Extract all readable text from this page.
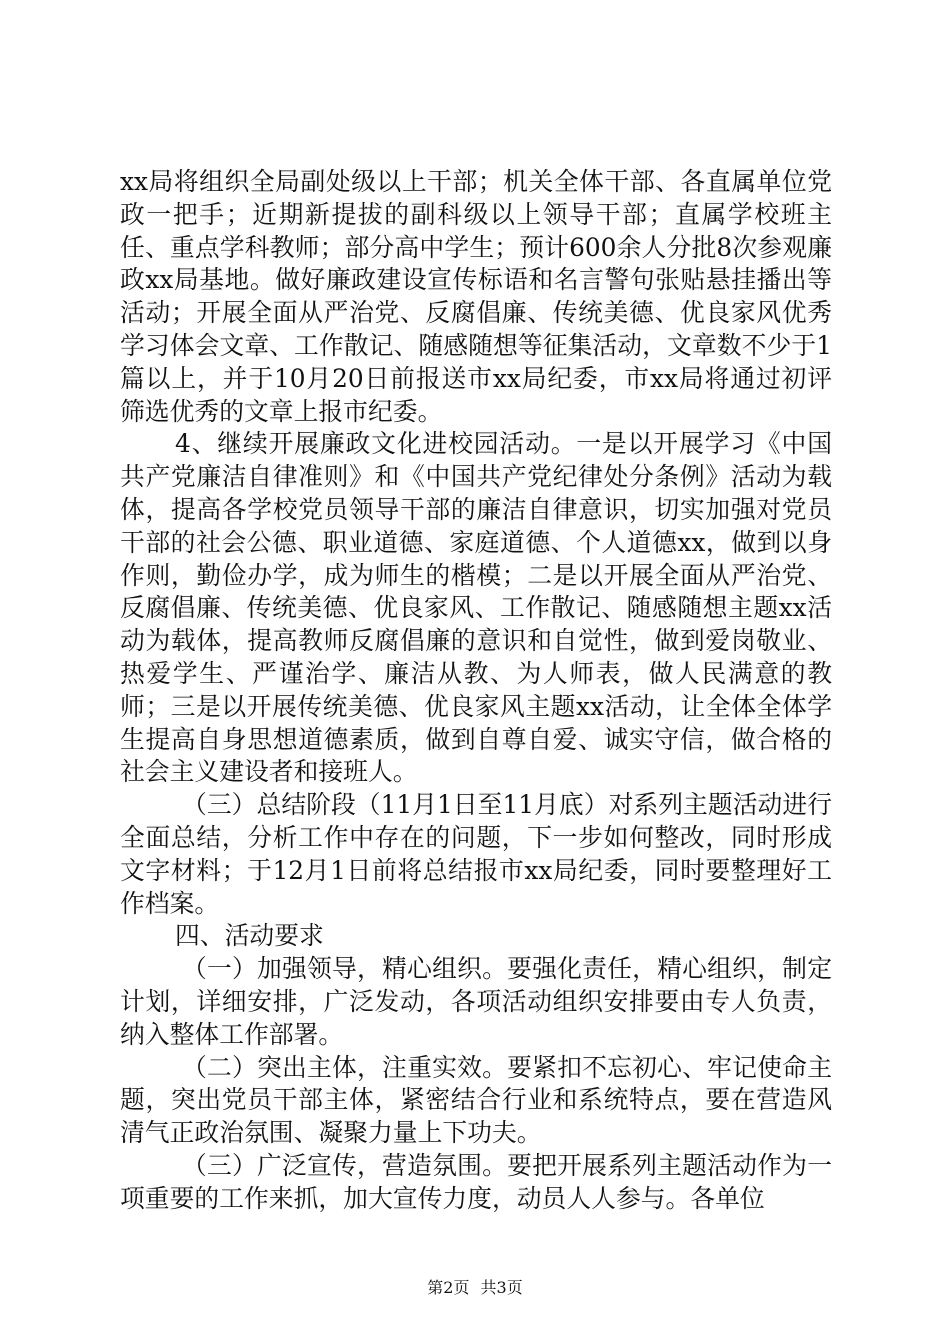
xx局将组织全局副处级以上干部；机关全体干部、各直属单位党政一把手；近期新提拔的副科级以上领导干部；直属学校班主任、重点学科教师；部分高中学生；预计600余人分批8次参观廉政xx局基地。做好廉政建设宣传标语和名言警句张贴悬挂播出等活动；开展全面从严治党、反腐倡廉、传统美德、优良家风优秀学习体会文章、工作散记、随感随想等征集活动，文章数不少于1篇以上，并于10月20日前报送市xx局纪委，市xx局将通过初评筛选优秀的文章上报市纪委。

4、继续开展廉政文化进校园活动。一是以开展学习《中国共产党廉洁自律准则》和《中国共产党纪律处分条例》活动为载体，提高各学校党员领导干部的廉洁自律意识，切实加强对党员干部的社会公德、职业道德、家庭道德、个人道德xx，做到以身作则，勤俭办学，成为师生的楷模；二是以开展全面从严治党、反腐倡廉、传统美德、优良家风、工作散记、随感随想主题xx活动为载体，提高教师反腐倡廉的意识和自觉性，做到爱岗敬业、热爱学生、严谨治学、廉洁从教、为人师表，做人民满意的教师；三是以开展传统美德、优良家风主题xx活动，让全体全体学生提高自身思想道德素质，做到自尊自爱、诚实守信，做合格的社会主义建设者和接班人。

（三）总结阶段（11月1日至11月底）对系列主题活动进行全面总结，分析工作中存在的问题，下一步如何整改，同时形成文字材料；于12月1日前将总结报市xx局纪委，同时要整理好工作档案。

四、活动要求

（一）加强领导，精心组织。要强化责任，精心组织，制定计划，详细安排，广泛发动，各项活动组织安排要由专人负责，纳入整体工作部署。

（二）突出主体，注重实效。要紧扣不忘初心、牢记使命主题，突出党员干部主体，紧密结合行业和系统特点，要在营造风清气正政治氛围、凝聚力量上下功夫。

（三）广泛宣传，营造氛围。要把开展系列主题活动作为一项重要的工作来抓，加大宣传力度，动员人人参与。各单位

第2页 共3页
